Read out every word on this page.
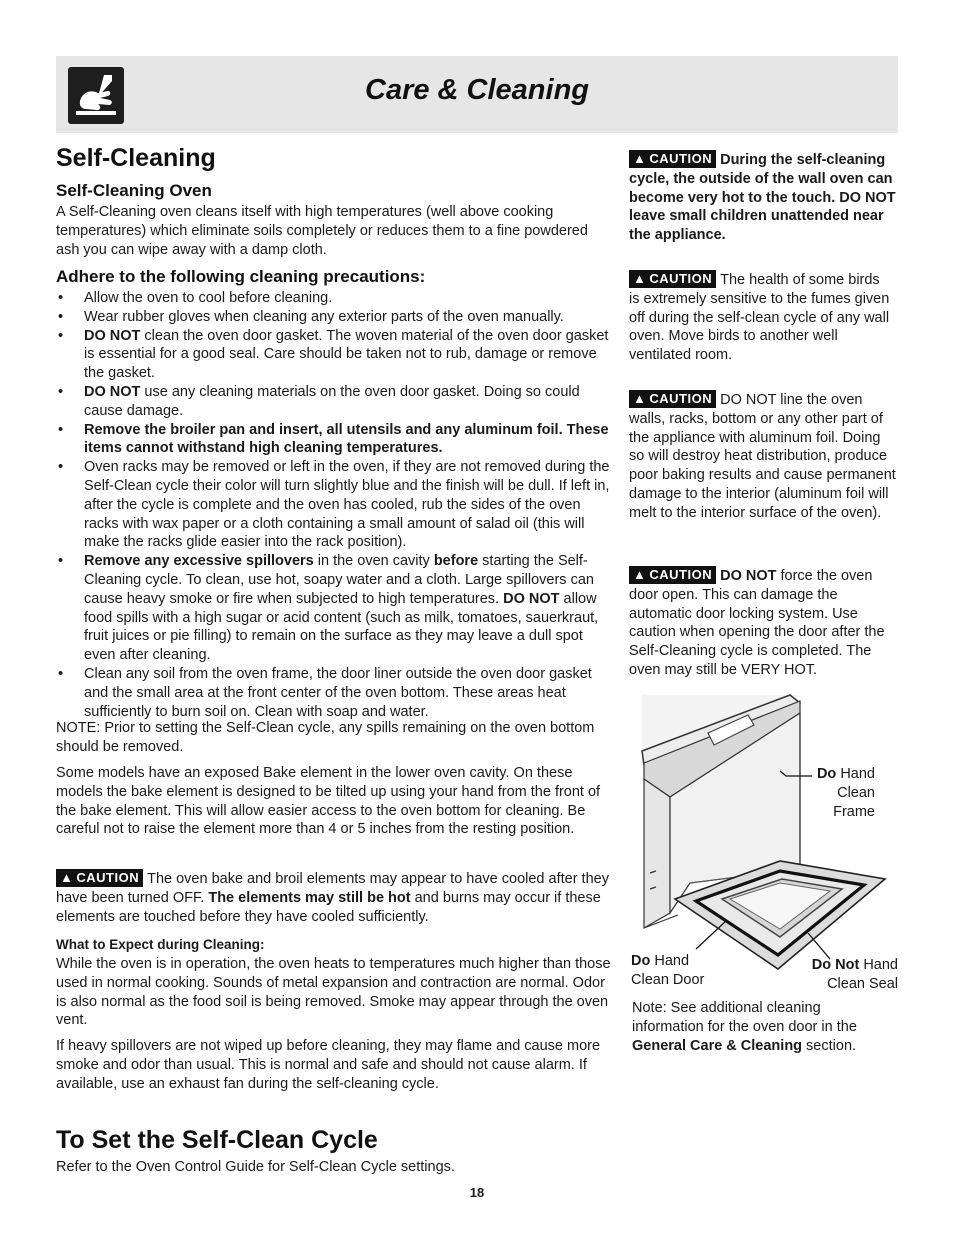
Care & Cleaning
Self-Cleaning
Self-Cleaning Oven
A Self-Cleaning oven cleans itself with high temperatures (well above cooking temperatures) which eliminate soils completely or reduces them to a fine powdered ash you can wipe away with a damp cloth.
Adhere to the following cleaning precautions:
• Allow the oven to cool before cleaning.
• Wear rubber gloves when cleaning any exterior parts of the oven manually.
• DO NOT clean the oven door gasket. The woven material of the oven door gasket is essential for a good seal. Care should be taken not to rub, damage or remove the gasket.
• DO NOT use any cleaning materials on the oven door gasket. Doing so could cause damage.
• Remove the broiler pan and insert, all utensils and any aluminum foil. These items cannot withstand high cleaning temperatures.
• Oven racks may be removed or left in the oven, if they are not removed during the Self-Clean cycle their color will turn slightly blue and the finish will be dull. If left in, after the cycle is complete and the oven has cooled, rub the sides of the oven racks with wax paper or a cloth containing a small amount of salad oil (this will make the racks glide easier into the rack position).
• Remove any excessive spillovers in the oven cavity before starting the Self-Cleaning cycle. To clean, use hot, soapy water and a cloth. Large spillovers can cause heavy smoke or fire when subjected to high temperatures. DO NOT allow food spills with a high sugar or acid content (such as milk, tomatoes, sauerkraut, fruit juices or pie filling) to remain on the surface as they may leave a dull spot even after cleaning.
• Clean any soil from the oven frame, the door liner outside the oven door gasket and the small area at the front center of the oven bottom. These areas heat sufficiently to burn soil on. Clean with soap and water.
NOTE: Prior to setting the Self-Clean cycle, any spills remaining on the oven bottom should be removed.
Some models have an exposed Bake element in the lower oven cavity. On these models the bake element is designed to be tilted up using your hand from the front of the bake element. This will allow easier access to the oven bottom for cleaning. Be careful not to raise the element more than 4 or 5 inches from the resting position.
▲ CAUTION The oven bake and broil elements may appear to have cooled after they have been turned OFF. The elements may still be hot and burns may occur if these elements are touched before they have cooled sufficiently.
What to Expect during Cleaning:
While the oven is in operation, the oven heats to temperatures much higher than those used in normal cooking. Sounds of metal expansion and contraction are normal. Odor is also normal as the food soil is being removed. Smoke may appear through the oven vent.
If heavy spillovers are not wiped up before cleaning, they may flame and cause more smoke and odor than usual. This is normal and safe and should not cause alarm. If available, use an exhaust fan during the self-cleaning cycle.
To Set the Self-Clean Cycle
Refer to the Oven Control Guide for Self-Clean Cycle settings.
▲ CAUTION During the self-cleaning cycle, the outside of the wall oven can become very hot to the touch. DO NOT leave small children unattended near the appliance.
▲ CAUTION The health of some birds is extremely sensitive to the fumes given off during the self-clean cycle of any wall oven. Move birds to another well ventilated room.
▲ CAUTION DO NOT line the oven walls, racks, bottom or any other part of the appliance with aluminum foil. Doing so will destroy heat distribution, produce poor baking results and cause permanent damage to the interior (aluminum foil will melt to the interior surface of the oven).
▲ CAUTION DO NOT force the oven door open. This can damage the automatic door locking system. Use caution when opening the door after the Self-Cleaning cycle is completed. The oven may still be VERY HOT.
Do Hand
Clean
Frame
Do Hand
Clean Door
Do Not Hand
Clean Seal
Note: See additional cleaning information for the oven door in the General Care & Cleaning section.
18
